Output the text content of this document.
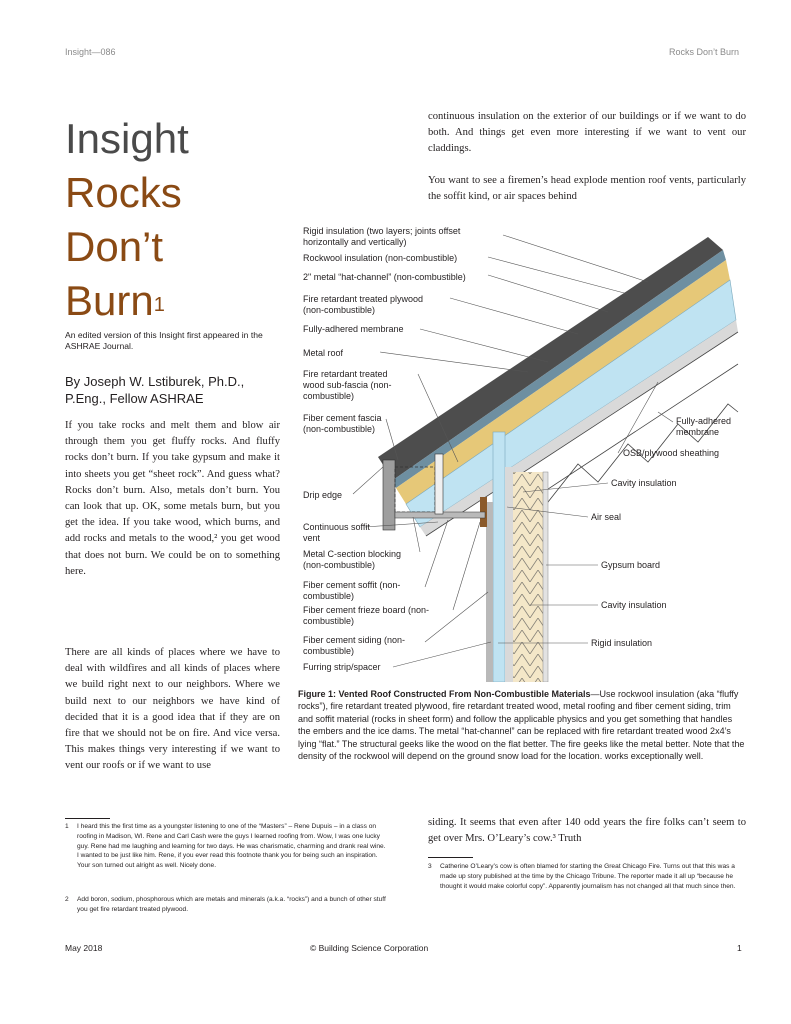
Insight—086	Rocks Don’t Burn
Insight
Rocks
Don’t
Burn$^1$
An edited version of this Insight first appeared in the ASHRAE Journal.
By Joseph W. Lstiburek, Ph.D., P.Eng., Fellow ASHRAE
If you take rocks and melt them and blow air through them you get fluffy rocks. And fluffy rocks don’t burn. If you take gypsum and make it into sheets you get “sheet rock”. And guess what? Rocks don’t burn. Also, metals don’t burn. You can look that up. OK, some metals burn, but you get the idea. If you take wood, which burns, and add rocks and metals to the wood,² you get wood that does not burn. We could be on to something here.
There are all kinds of places where we have to deal with wildfires and all kinds of places where we build right next to our neighbors. Where we build next to our neighbors we have kind of decided that it is a good idea that if they are on fire that we should not be on fire. And vice versa. This makes things very interesting if we want to vent our roofs or if we want to use
continuous insulation on the exterior of our buildings or if we want to do both. And things get even more interesting if we want to vent our claddings.
You want to see a firemen’s head explode mention roof vents, particularly the soffit kind, or air spaces behind
Rigid insulation (two layers; joints offset
horizontally and vertically)
Rockwool insulation (non-combustible)
2" metal “hat-channel” (non-combustible)
Fire retardant treated plywood
(non-combustible)
Fully-adhered membrane
Metal roof
Fire retardant treated
wood sub-fascia (non-
combustible)
Fiber cement fascia
(non-combustible)
Drip edge
Continuous soffit
vent
Metal C-section blocking
(non-combustible)
Fiber cement soffit (non-
combustible)
Fiber cement frieze board (non-
combustible)
Fiber cement siding (non-
combustible)
Furring strip/spacer
Fully-adhered
membrane
OSB/plywood sheathing
Cavity insulation
Air seal
Gypsum board
Cavity insulation
Rigid insulation
Figure 1: Vented Roof Constructed From Non-Combustible Materials—Use rockwool insulation (aka “fluffy rocks”), fire retardant treated plywood, fire retardant treated wood, metal roofing and fiber cement siding, trim and soffit material (rocks in sheet form) and follow the applicable physics and you get something that handles the embers and the ice dams. The metal “hat-channel” can be replaced with fire retardant treated wood 2x4’s lying “flat.” The structural geeks like the wood on the flat better. The fire geeks like the metal better. Note that the density of the rockwool will depend on the ground snow load for the location. works exceptionally well.
siding. It seems that even after 140 odd years the fire folks can’t seem to get over Mrs. O’Leary’s cow.³ Truth
1 I heard this the first time as a youngster listening to one of the “Masters” – Rene Dupuis – in a class on roofing in Madison, WI. Rene and Carl Cash were the guys I learned roofing from. Wow, I was one lucky guy. Rene had me laughing and learning for two days. He was charismatic, charming and drank real wine. I wanted to be just like him. Rene, if you ever read this footnote thank you for being such an inspiration. Your son turned out alright as well. Nicely done.
2 Add boron, sodium, phosphorous which are metals and minerals (a.k.a. “rocks”) and a bunch of other stuff you get fire retardant treated plywood.
3 Catherine O’Leary’s cow is often blamed for starting the Great Chicago Fire. Turns out that this was a made up story published at the time by the Chicago Tribune. The reporter made it all up “because he thought it would make colorful copy”. Apparently journalism has not changed all that much since then.
May 2018	© Building Science Corporation	1
